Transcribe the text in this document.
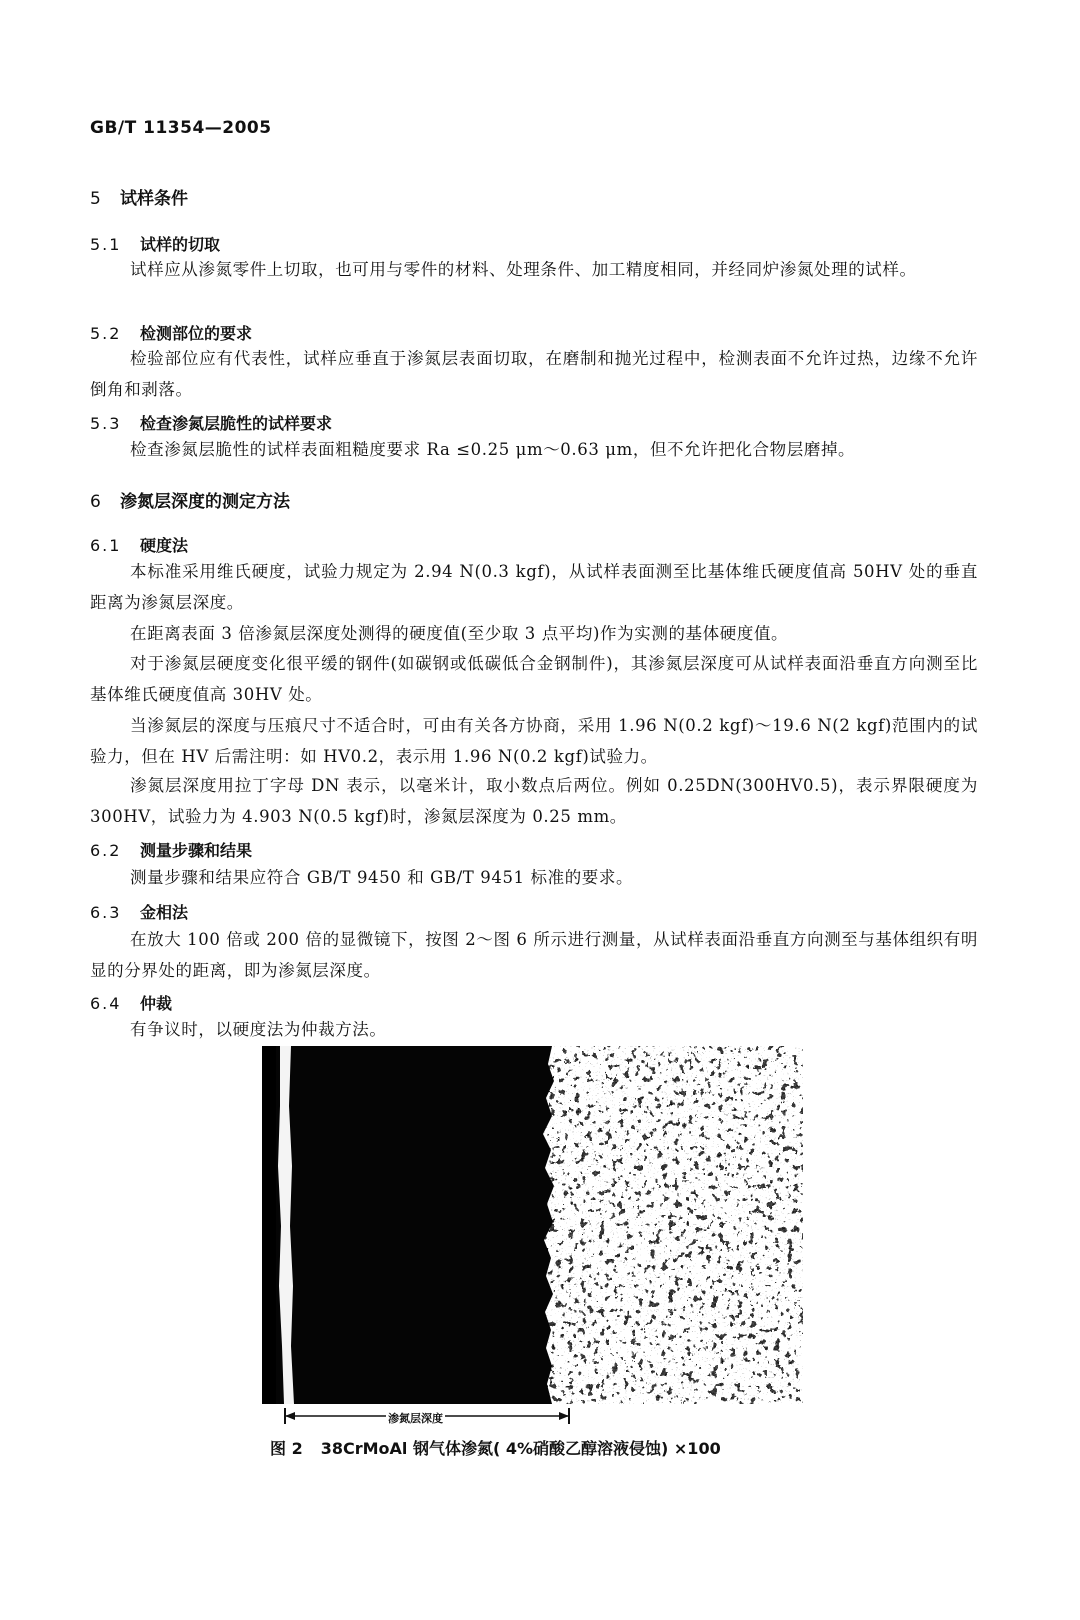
GB/T 11354—2005
5 试样条件
5.1 试样的切取

试样应从渗氮零件上切取，也可用与零件的材料、处理条件、加工精度相同，并经同炉渗氮处理的试样。

5.2 检测部位的要求

检验部位应有代表性，试样应垂直于渗氮层表面切取，在磨制和抛光过程中，检测表面不允许过热，边缘不允许倒角和剥落。

5.3 检查渗氮层脆性的试样要求

检查渗氮层脆性的试样表面粗糙度要求 Ra ≤0.25 μm～0.63 μm，但不允许把化合物层磨掉。

6 渗氮层深度的测定方法
6.1 硬度法

本标准采用维氏硬度，试验力规定为 2.94 N(0.3 kgf)，从试样表面测至比基体维氏硬度值高 50HV 处的垂直距离为渗氮层深度。

在距离表面 3 倍渗氮层深度处测得的硬度值(至少取 3 点平均)作为实测的基体硬度值。

对于渗氮层硬度变化很平缓的钢件(如碳钢或低碳低合金钢制件)，其渗氮层深度可从试样表面沿垂直方向测至比基体维氏硬度值高 30HV 处。

当渗氮层的深度与压痕尺寸不适合时，可由有关各方协商，采用 1.96 N(0.2 kgf)～19.6 N(2 kgf)范围内的试验力，但在 HV 后需注明：如 HV0.2，表示用 1.96 N(0.2 kgf)试验力。

渗氮层深度用拉丁字母 DN 表示，以毫米计，取小数点后两位。例如 0.25DN(300HV0.5)，表示界限硬度为 300HV，试验力为 4.903 N(0.5 kgf)时，渗氮层深度为 0.25 mm。

6.2 测量步骤和结果

测量步骤和结果应符合 GB/T 9450 和 GB/T 9451 标准的要求。

6.3 金相法

在放大 100 倍或 200 倍的显微镜下，按图 2～图 6 所示进行测量，从试样表面沿垂直方向测至与基体组织有明显的分界处的距离，即为渗氮层深度。

6.4 仲裁

有争议时，以硬度法为仲裁方法。

渗氮层深度
图 2 38CrMoAl 钢气体渗氮( 4%硝酸乙醇溶液侵蚀) ×100
